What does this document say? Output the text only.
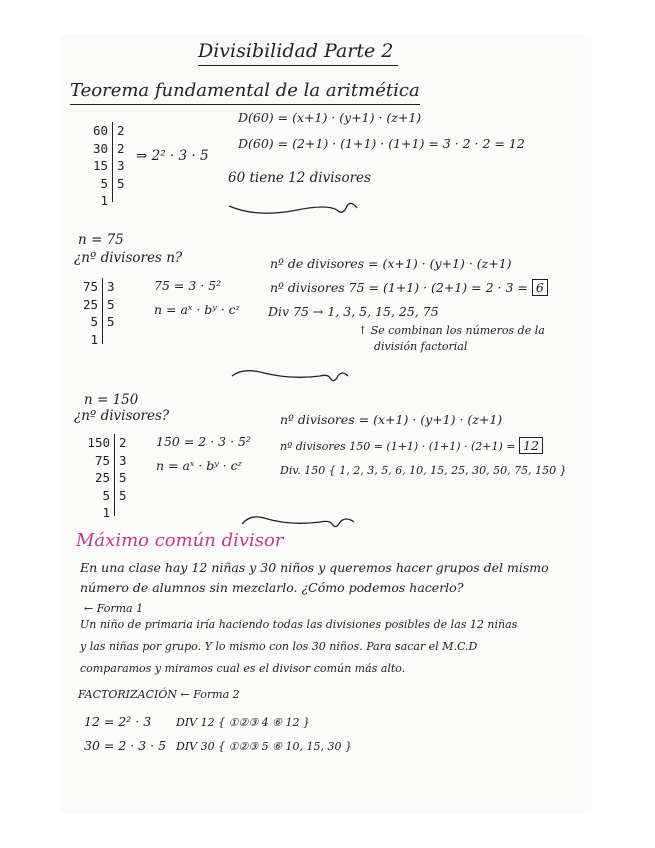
Divisibilidad Parte 2
Teorema fundamental de la aritmética
60
30
15
5
1
2
2
3
5
⇒ 2² · 3 · 5
D(60) = (x+1) · (y+1) · (z+1)
D(60) = (2+1) · (1+1) · (1+1) = 3 · 2 · 2 = 12
60 tiene 12 divisores
n = 75
¿nº divisores n?
75
25
5
1
3
5
5
75 = 3 · 5²
n = aˣ · bʸ · cᶻ
nº de divisores = (x+1) · (y+1) · (z+1)
nº divisores 75 = (1+1) · (2+1) = 2 · 3 = 6
Div 75 → 1, 3, 5, 15, 25, 75
↑ Se combinan los números de la
división factorial
n = 150
¿nº divisores?
150
75
25
5
1
2
3
5
5
150 = 2 · 3 · 5²
n = aˣ · bʸ · cᶻ
nº divisores = (x+1) · (y+1) · (z+1)
nº divisores 150 = (1+1) · (1+1) · (2+1) = 12
Div. 150 { 1, 2, 3, 5, 6, 10, 15, 25, 30, 50, 75, 150 }
Máximo común divisor
En una clase hay 12 niñas y 30 niños y queremos hacer grupos del mismo
número de alumnos sin mezclarlo. ¿Cómo podemos hacerlo?
← Forma 1
Un niño de primaria iría haciendo todas las divisiones posibles de las 12 niñas
y las niñas por grupo. Y lo mismo con los 30 niños. Para sacar el M.C.D
comparamos y miramos cual es el divisor común más alto.
FACTORIZACIÓN ← Forma 2
12 = 2² · 3 DIV 12 { ①②③ 4 ⑥ 12 }
30 = 2 · 3 · 5 DIV 30 { ①②③ 5 ⑥ 10, 15, 30 }
